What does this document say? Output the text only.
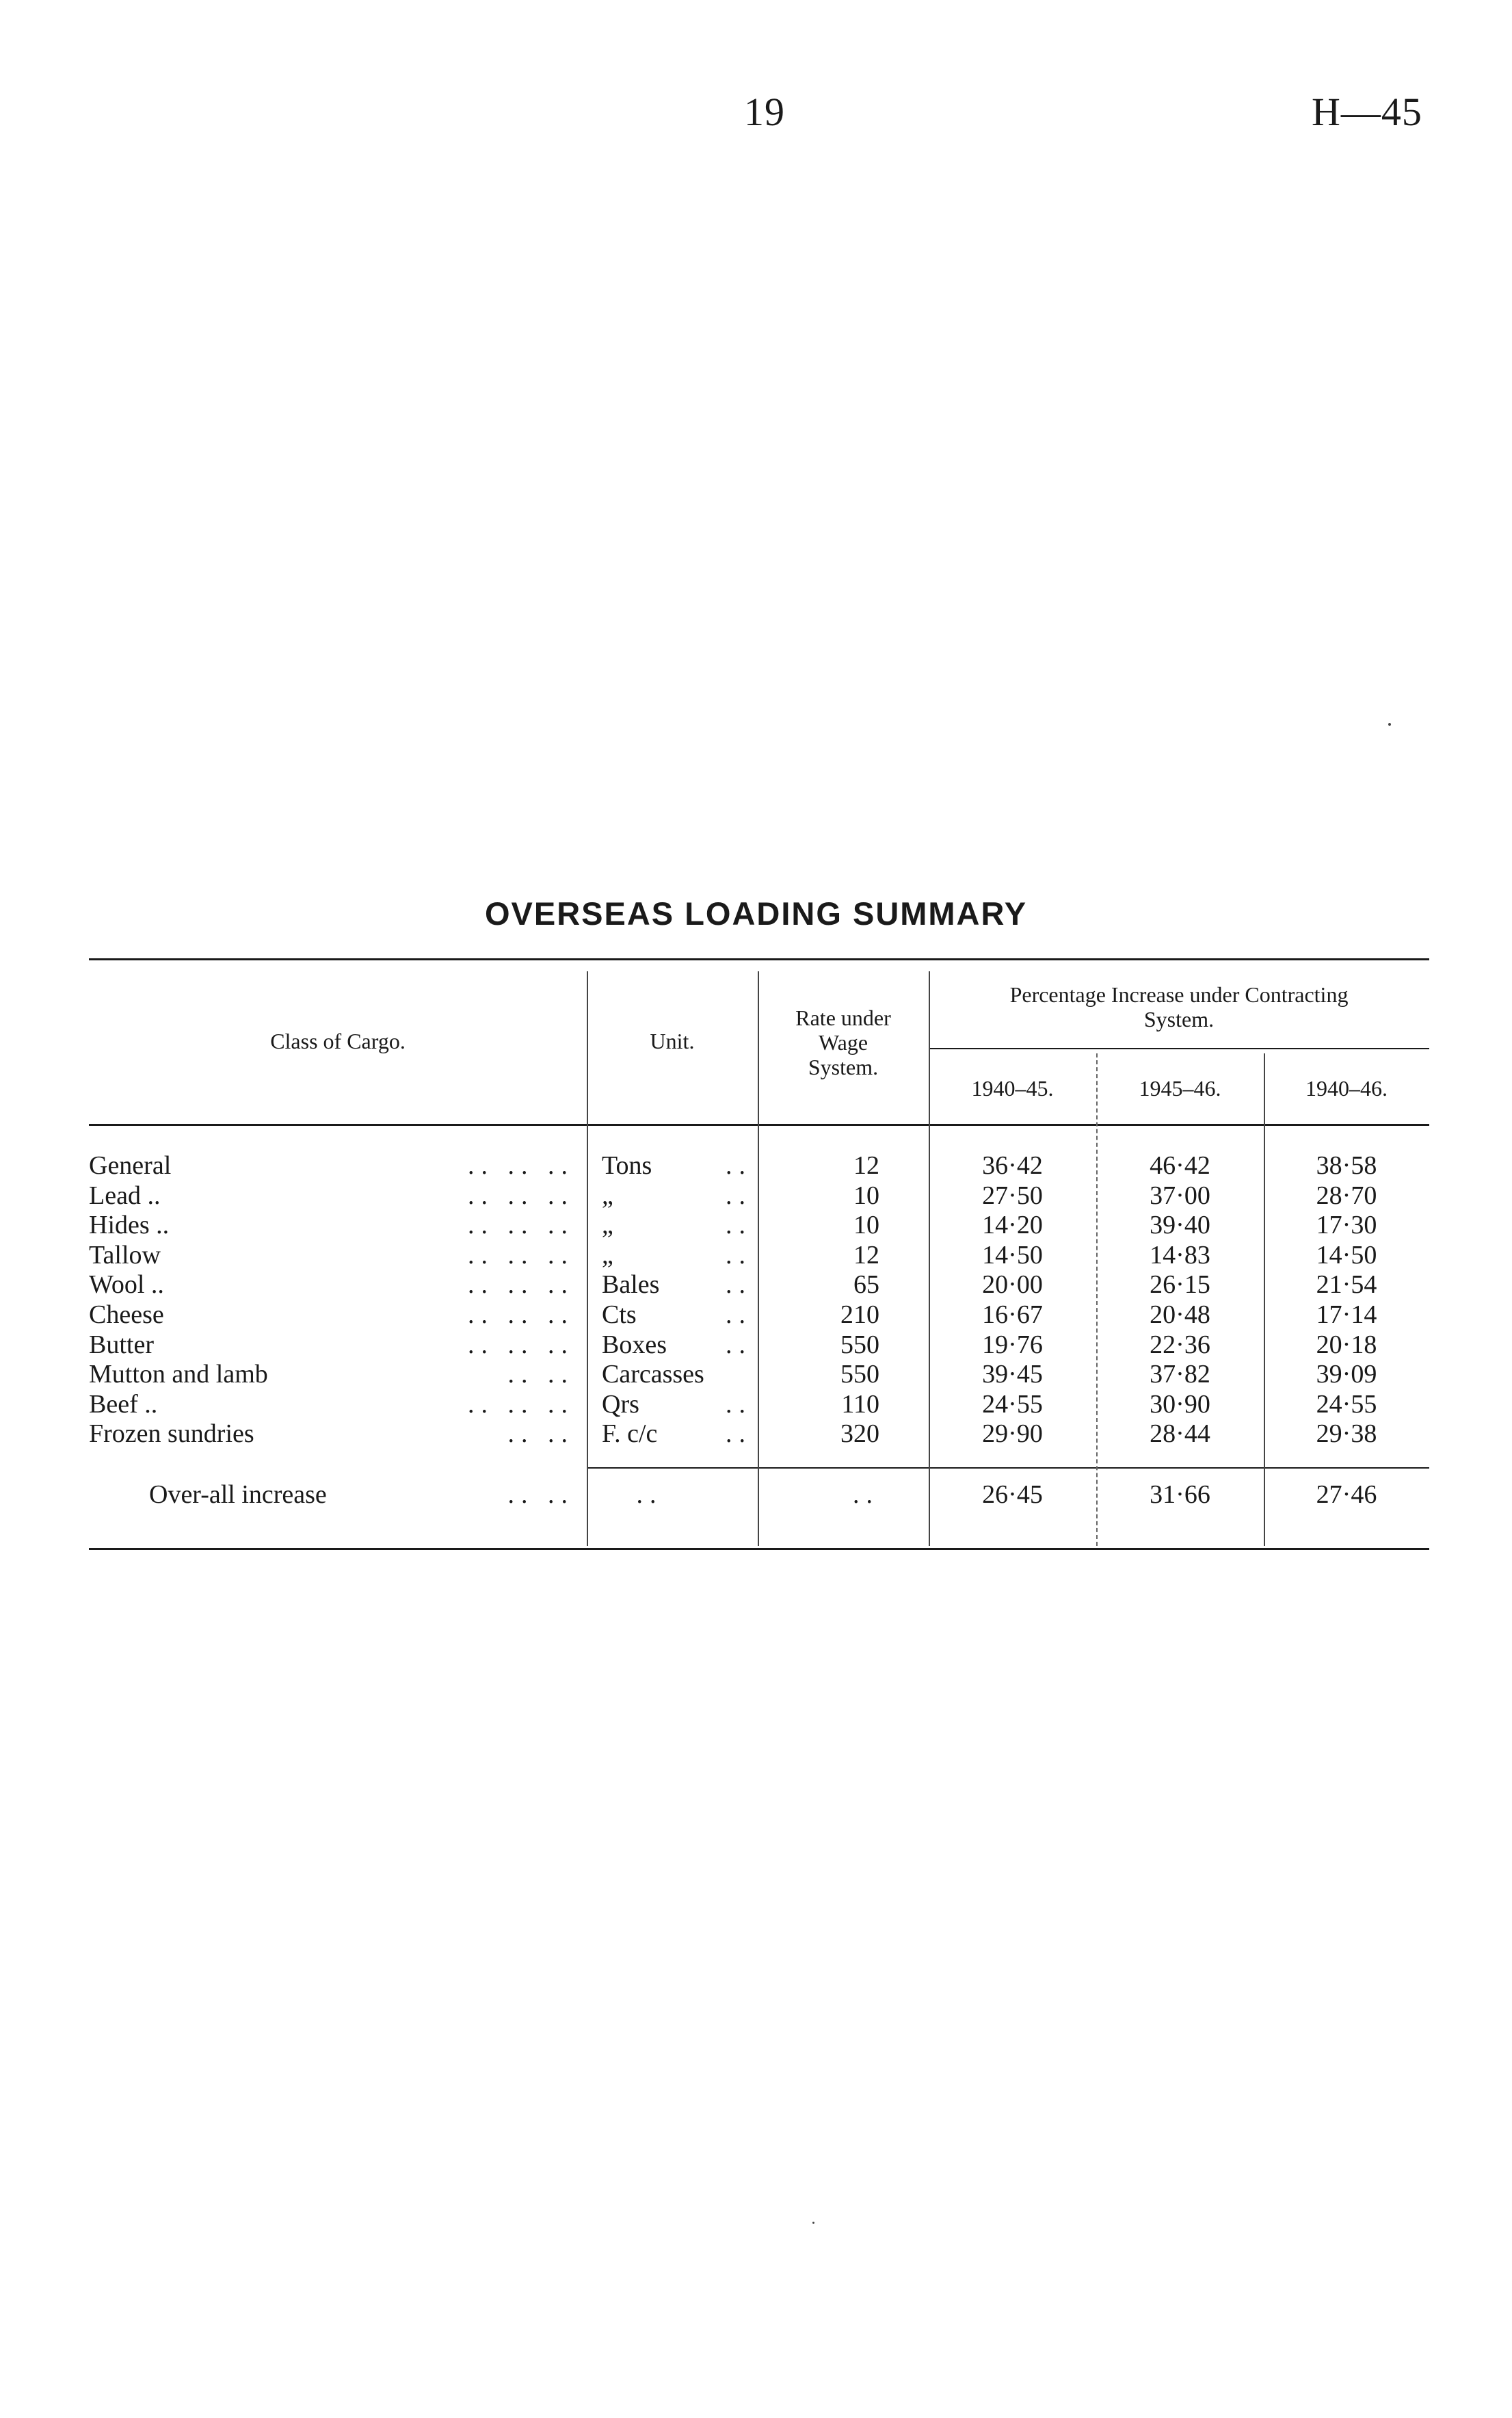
19	H—45
OVERSEAS LOADING SUMMARY
Class of Cargo.	Unit.
Rate under
Wage
System.
Percentage Increase under Contracting
System.
1940–45.	1945–46.	1940–46.
General	.. .. .. Tons	..	12	36·42	46·42	38·58
Lead ..	.. .. .. „	..	10	27·50	37·00	28·70
Hides ..	.. .. .. „	..	10	14·20	39·40	17·30
Tallow	.. .. .. „	..	12	14·50	14·83	14·50
Wool ..	.. .. .. Bales	..	65	20·00	26·15	21·54
Cheese	.. .. .. Cts	..	210	16·67	20·48	17·14
Butter	.. .. .. Boxes	..	550	19·76	22·36	20·18
Mutton and lamb	.. .. Carcasses	550	39·45	37·82	39·09
Beef ..	.. .. .. Qrs	..	110	24·55	30·90	24·55
Frozen sundries	.. .. F. c/c	..	320	29·90	28·44	29·38
Over-all increase	.. ..	..	..	26·45	31·66	27·46
